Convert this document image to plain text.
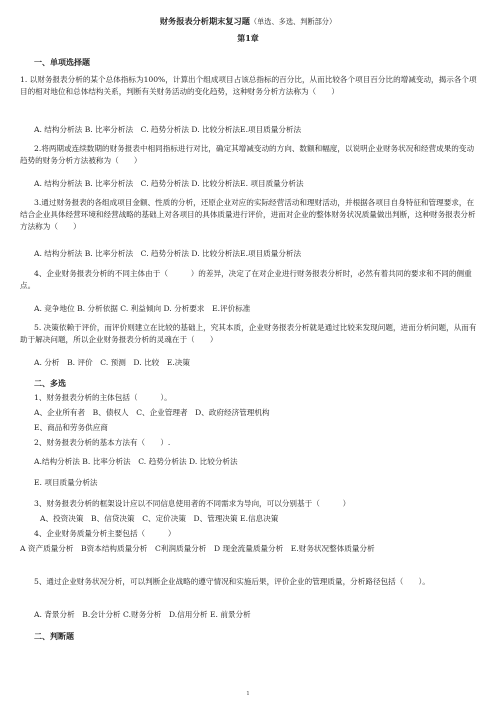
财务报表分析期末复习题（单选、多选、判断部分）
第1章
一、单项选择题
1. 以财务报表分析的某个总体指标为100%，计算出个组成项目占该总指标的百分比，从而比较各个项目百分比的增减变动，揭示各个项目的相对地位和总体结构关系，判断有关财务活动的变化趋势，这种财务分析方法称为（　　）
A. 结构分析法 B. 比率分析法　C. 趋势分析法 D. 比较分析法E.项目质量分析法
2.将两期或连续数期的财务报表中相同指标进行对比，确定其增减变动的方向、数额和幅度，以说明企业财务状况和经营成果的变动趋势的财务分析方法被称为（　　）
A. 结构分析法 B. 比率分析法　C. 趋势分析法 D. 比较分析法E. 项目质量分析法
3.通过财务报表的各组成项目金额、性质的分析，还原企业对应的实际经营活动和理财活动，并根据各项目自身特征和管理要求，在结合企业具体经营环境和经营战略的基础上对各项目的具体质量进行评价，进而对企业的整体财务状况质量做出判断，这种财务报表分析方法称为（　　）
A. 结构分析法 B. 比率分析法　C. 趋势分析法 D. 比较分析法E.项目质量分析法
4、企业财务报表分析的不同主体由于（　　　）的差异，决定了在对企业进行财务报表分析时，必然有着共同的要求和不同的侧重点。
A. 竞争地位 B. 分析依据 C. 利益倾向 D. 分析要求　E.评价标准
5. 决策依赖于评价，而评价则建立在比较的基础上，究其本质，企业财务报表分析就是通过比较来发现问题，进而分析问题，从而有助于解决问题，所以企业财务报表分析的灵魂在于（　　）
A. 分析　B. 评价　C. 预测　D. 比较　E.决策
二、多选
1、财务报表分析的主体包括（　　　）。
A、企业所有者　B、债权人　C、企业管理者　D、政府经济管理机构
E、商品和劳务供应商
2、财务报表分析的基本方法有（　　）.
A.结构分析法 B. 比率分析法　C. 趋势分析法 D. 比较分析法
E. 项目质量分析法
3、财务报表分析的框架设计应以不同信息使用者的不同需求为导向，可以分别基于（　　　）
A、投资决策　B、信贷决策　C、定价决策　D、管理决策 E.信息决策
4、企业财务质量分析主要包括（　　　）
A 资产质量分析　B资本结构质量分析　C利润质量分析　D 现金流量质量分析　E.财务状况整体质量分析
5、通过企业财务状况分析，可以判断企业战略的遵守情况和实施后果，评价企业的管理质量，分析路径包括（　　）。
A. 背景分析　B.会计分析 C.财务分析　D.信用分析 E. 前景分析
二、判断题
1
